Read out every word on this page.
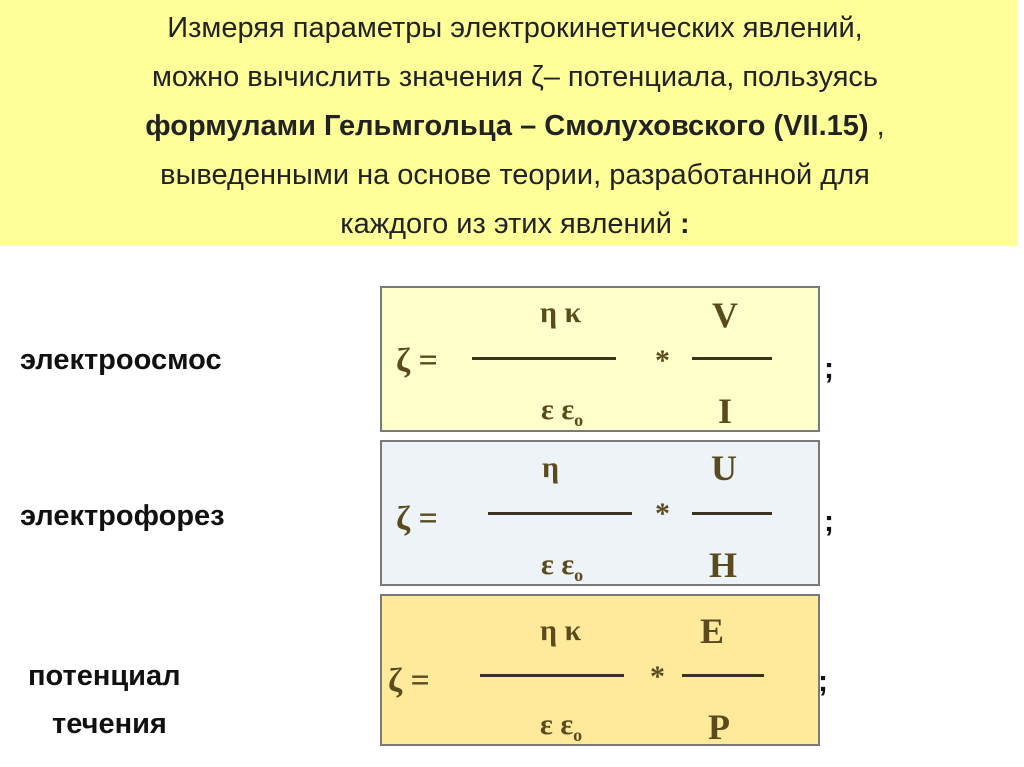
Измеряя параметры электрокинетических явлений,
можно вычислить значения ζ– потенциала, пользуясь
формулами Гельмгольца – Смолуховского (VII.15) ,
выведенными на основе теории, разработанной для
каждого из этих явлений :
электроосмос	ζ =
η κ
ε $\varepsilon_o$
*
V
I
;
электрофорез	ζ =
η
ε $\varepsilon_o$
*
U
H
;
потенциал
течения
ζ =
η κ
ε $\varepsilon_o$
*
E
P
;
